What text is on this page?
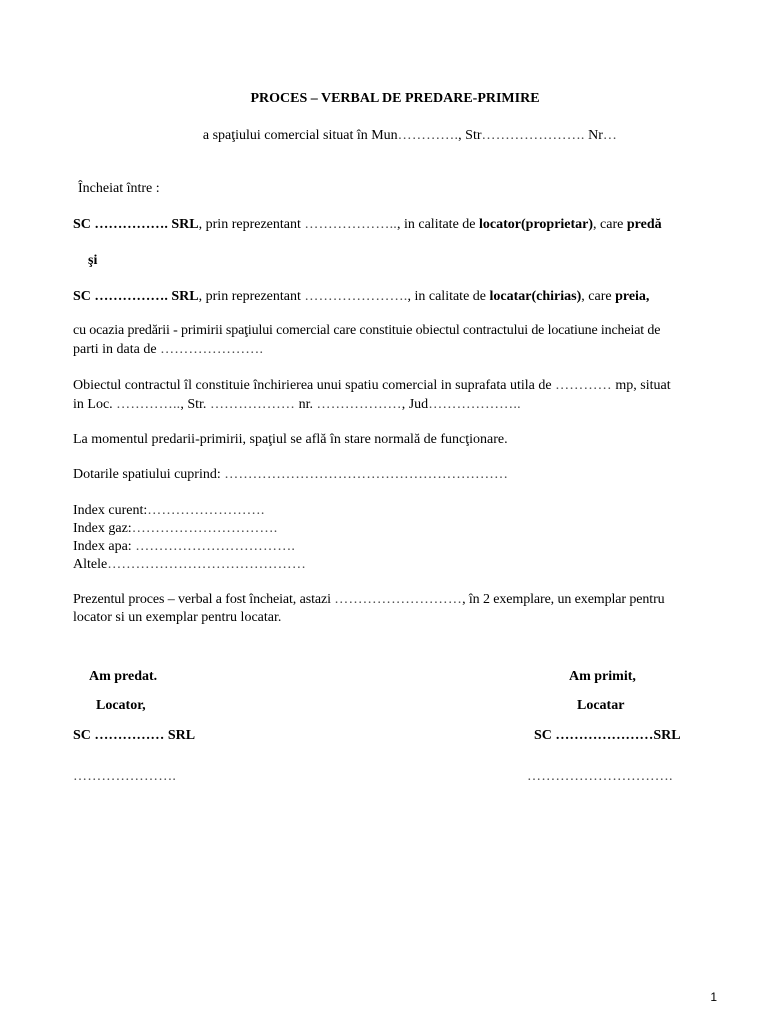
PROCES – VERBAL DE PREDARE-PRIMIRE
a spaţiului comercial situat în Mun…………., Str…………………. Nr…
Încheiat între :
SC ……………. SRL, prin reprezentant ……………….., in calitate de locator(proprietar), care predă
şi
SC ……………. SRL, prin reprezentant …………………., in calitate de locatar(chirias), care preia,
cu ocazia predării - primirii spaţiului comercial care constituie obiectul contractului de locatiune incheiat de
parti in data de ………………….
Obiectul contractul îl constituie închirierea unui spatiu comercial in suprafata utila de ………… mp, situat
in Loc. ………….., Str. ……………… nr. ………………, Jud………………..
La momentul predarii-primirii, spaţiul se află în stare normală de funcţionare.
Dotarile spatiului cuprind: ……………………………………………………
Index curent:…………………….
Index gaz:………………………….
Index apa: …………………………….
Altele……………………………………
Prezentul proces – verbal a fost încheiat, astazi ………………………, în 2 exemplare, un exemplar pentru
locator si un exemplar pentru locatar.
Am predat.
Locator,
SC …………… SRL
………………….
Am primit,
Locatar
SC …………………SRL
………………………….
1
